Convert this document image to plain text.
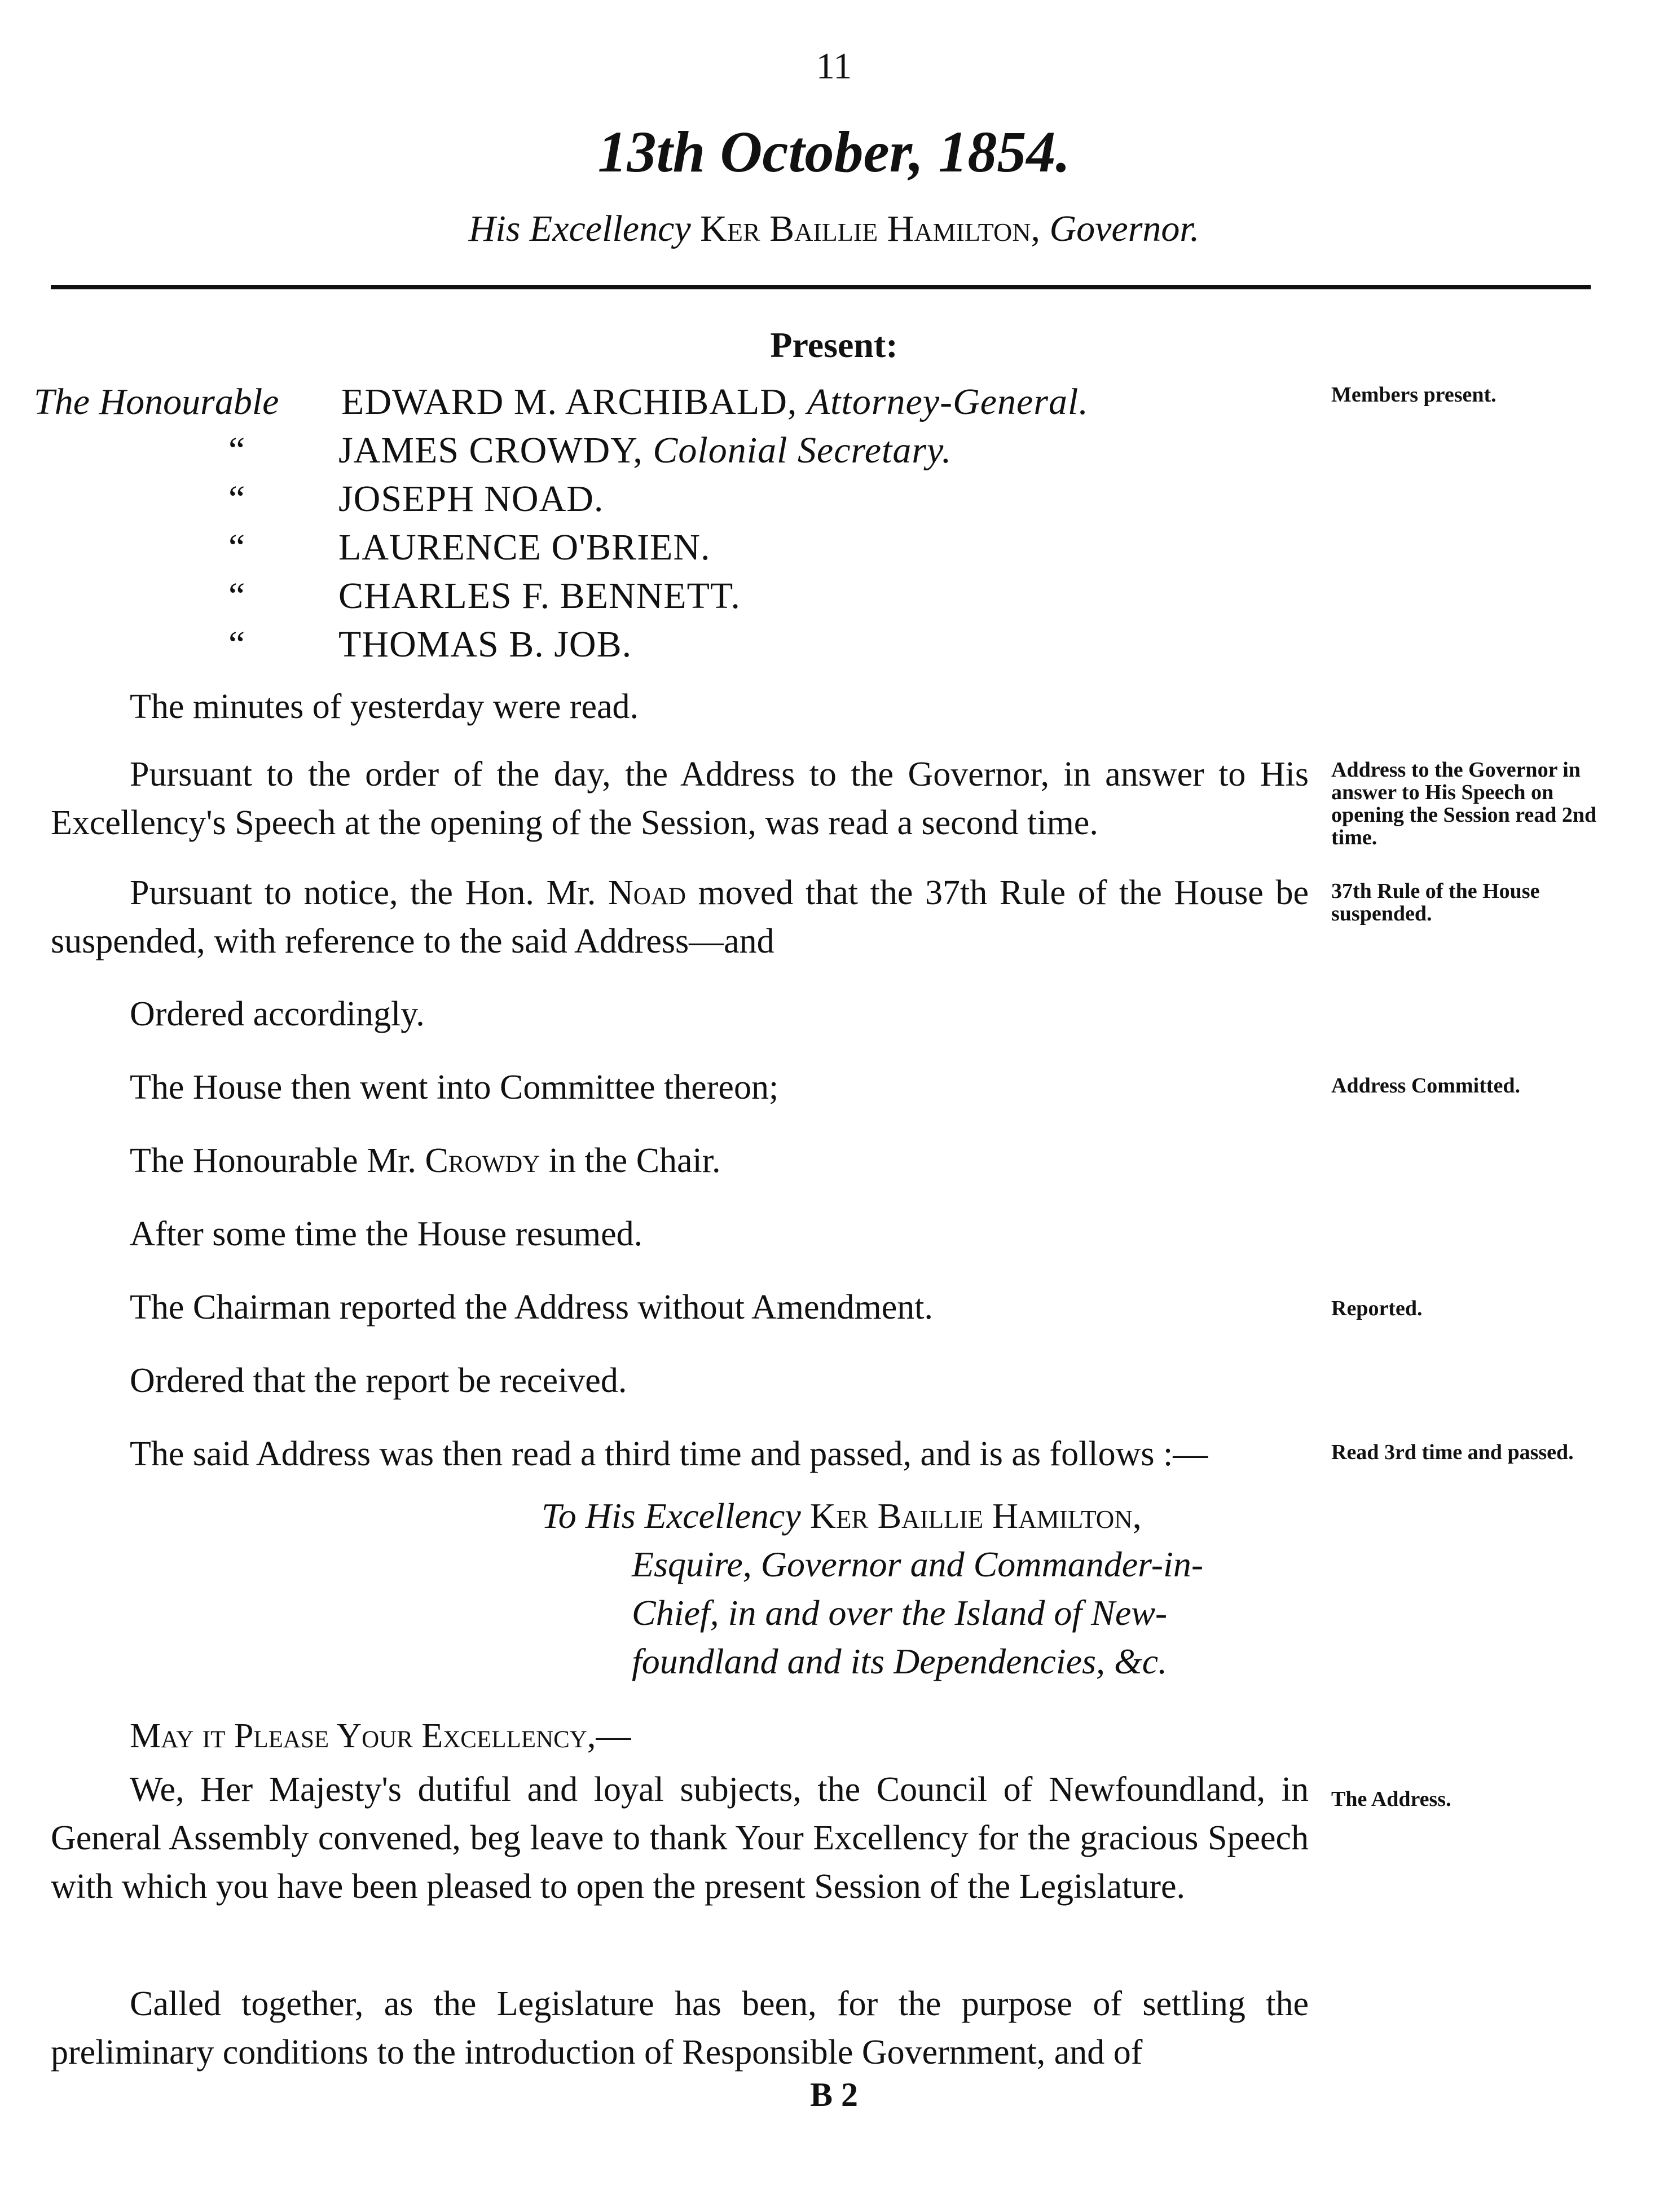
11
13th October, 1854.
His Excellency Ker Baillie Hamilton, Governor.
Present:
The Honourable EDWARD M. ARCHIBALD, Attorney-General.
“	JAMES CROWDY, Colonial Secretary.
“	JOSEPH NOAD.
“	LAURENCE O'BRIEN.
“	CHARLES F. BENNETT.
“	THOMAS B. JOB.
The minutes of yesterday were read.
Pursuant to the order of the day, the Address to the Governor, in answer to His Excellency's Speech at the opening of the Session, was read a second time.
Pursuant to notice, the Hon. Mr. Noad moved that the 37th Rule of the House be suspended, with reference to the said Address—and
Ordered accordingly.
The House then went into Committee thereon;
The Honourable Mr. Crowdy in the Chair.
After some time the House resumed.
The Chairman reported the Address without Amendment.
Ordered that the report be received.
The said Address was then read a third time and passed, and is as follows :—
May it Please Your Excellency,—
We, Her Majesty's dutiful and loyal subjects, the Council of Newfoundland, in General Assembly convened, beg leave to thank Your Excellency for the gracious Speech with which you have been pleased to open the present Session of the Legislature.
Called together, as the Legislature has been, for the purpose of settling the preliminary conditions to the introduction of Responsible Government, and of
To His Excellency Ker Baillie Hamilton,
Esquire, Governor and Commander-in-
Chief, in and over the Island of New-
foundland and its Dependencies, &c.
Members present.
Address to the Governor in answer to His Speech on opening the Session read 2nd time.
37th Rule of the House suspended.
Address Committed.
Reported.
Read 3rd time and passed.
The Address.
B 2
